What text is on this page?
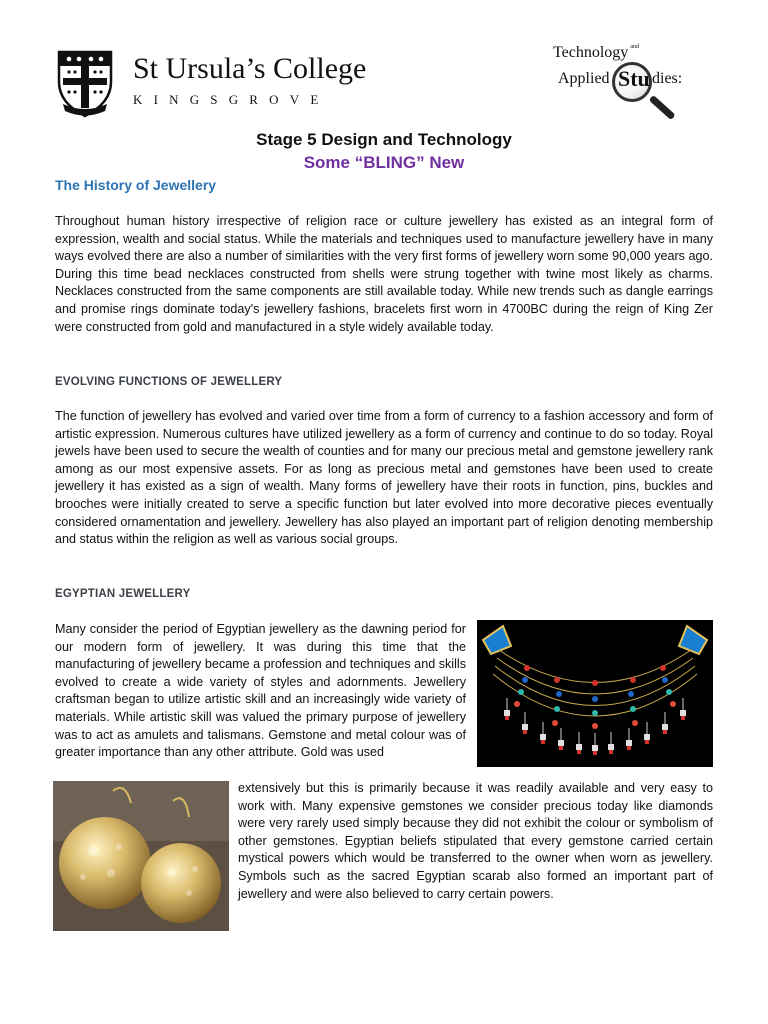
St Ursula’s College
KINGSGROVE
Technology $^{and}$
Applied Stu dies:
Stage 5 Design and Technology
Some “BLING” New
The History of Jewellery

Throughout human history irrespective of religion race or culture jewellery has existed as an integral form of expression, wealth and social status. While the materials and techniques used to manufacture jewellery have in many ways evolved there are also a number of similarities with the very first forms of jewellery worn some 90,000 years ago. During this time bead necklaces constructed from shells were strung together with twine most likely as charms. Necklaces constructed from the same components are still available today. While new trends such as dangle earrings and promise rings dominate today's jewellery fashions, bracelets first worn in 4700BC during the reign of King Zer were constructed from gold and manufactured in a style widely available today.

EVOLVING FUNCTIONS OF JEWELLERY

The function of jewellery has evolved and varied over time from a form of currency to a fashion accessory and form of artistic expression. Numerous cultures have utilized jewellery as a form of currency and continue to do so today. Royal jewels have been used to secure the wealth of counties and for many our precious metal and gemstone jewellery rank among as our most expensive assets. For as long as precious metal and gemstones have been used to create jewellery it has existed as a sign of wealth. Many forms of jewellery have their roots in function, pins, buckles and brooches were initially created to serve a specific function but later evolved into more decorative pieces eventually considered ornamentation and jewellery. Jewellery has also played an important part of religion denoting membership and status within the religion as well as various social groups.

EGYPTIAN JEWELLERY

Many consider the period of Egyptian jewellery as the dawning period for our modern form of jewellery. It was during this time that the manufacturing of jewellery became a profession and techniques and skills evolved to create a wide variety of styles and adornments. Jewellery craftsman began to utilize artistic skill and an increasingly wide variety of materials. While artistic skill was valued the primary purpose of jewellery was to act as amulets and talismans. Gemstone and metal colour was of greater importance than any other attribute. Gold was used

extensively but this is primarily because it was readily available and very easy to work with. Many expensive gemstones we consider precious today like diamonds were very rarely used simply because they did not exhibit the colour or symbolism of other gemstones. Egyptian beliefs stipulated that every gemstone carried certain mystical powers which would be transferred to the owner when worn as jewellery. Symbols such as the sacred Egyptian scarab also formed an important part of jewellery and were also believed to carry certain powers.
